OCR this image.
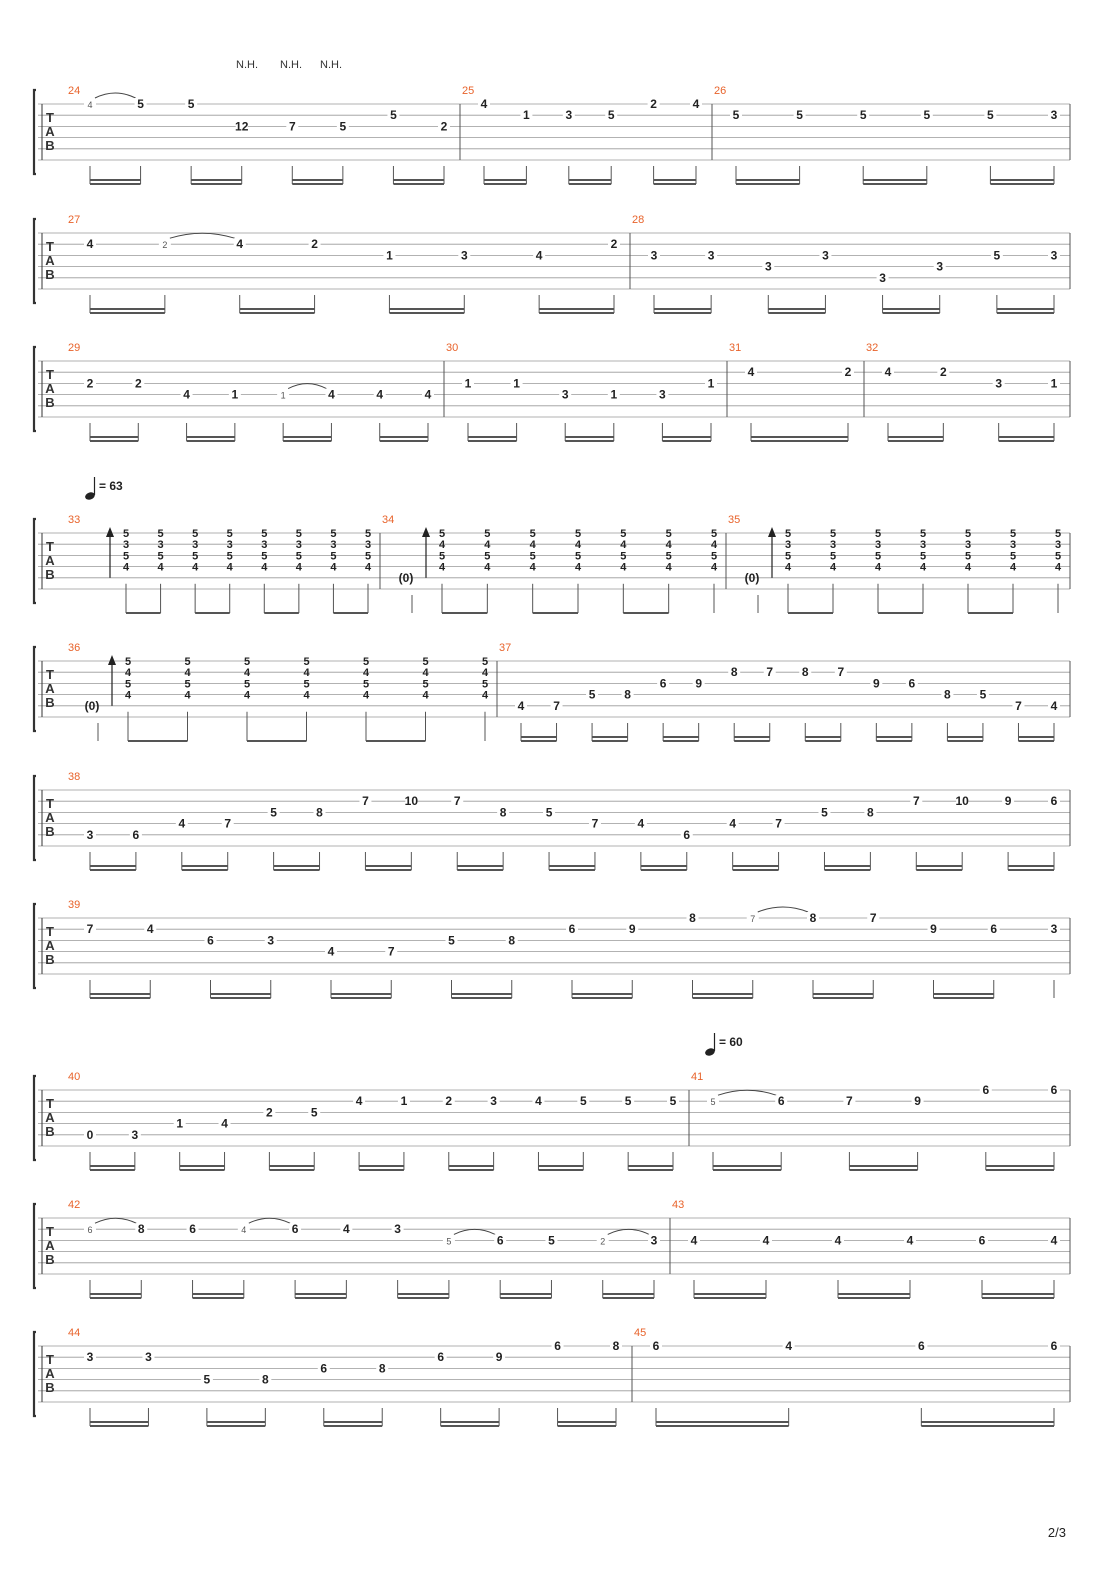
N.H. N.H. N.H.
= 63
= 60
T
A
B
24
4	5	5
12	7	5
5
2
25
4
1	3	5
2	4
26
5	5	5	5	5	3
T
A
B
27
4	2	4	2
1	3	4
2
28
3	3
3
3
3
3
5	3
T
A
B
29
2	2
4	1	1	4	4	4
30
1	1
3	1	3
1
31
4	2
32
4	2
3	1
T
A
B
33
5
3
5
4
5
3
5
4
5
3
5
4
5
3
5
4
5
3
5
4
5
3
5
4
5
3
5
4
5
3
5
4
34
(0)
5
4
5
4
5
4
5
4
5
4
5
4
5
4
5
4
5
4
5
4
5
4
5
4
5
4
5
4
35
(0)
5
3
5
4
5
3
5
4
5
3
5
4
5
3
5
4
5
3
5
4
5
3
5
4
5
3
5
4
T
A
B
36
(0)
5
4
5
4
5
4
5
4
5
4
5
4
5
4
5
4
5
4
5
4
5
4
5
4
5
4
5
4
37
4 7
5 8
6 9
8 7 8 7
9 6
8 5
7 4
T
A
B
38
3	6
4	7
5	8
7	10	7
8	5
7	4
6
4	7
5	8
7	10	9	6
T
A
B
39
7	4
6	3
4	7
5	8
6	9
8	7	8	7
9	6	3
T
A
B
40
0	3
1	4
2	5
4	1	2	3	4	5	5	5
41
5	6	7	9
6	6
T
A
B
42
6	8	6	4	6	4	3
5	6	5	2	3
43
4	4	4	4	6	4
T
A
B
44
3	3
5	8
6	8
6	9
6	8
45
6	4	6	6
2/3
